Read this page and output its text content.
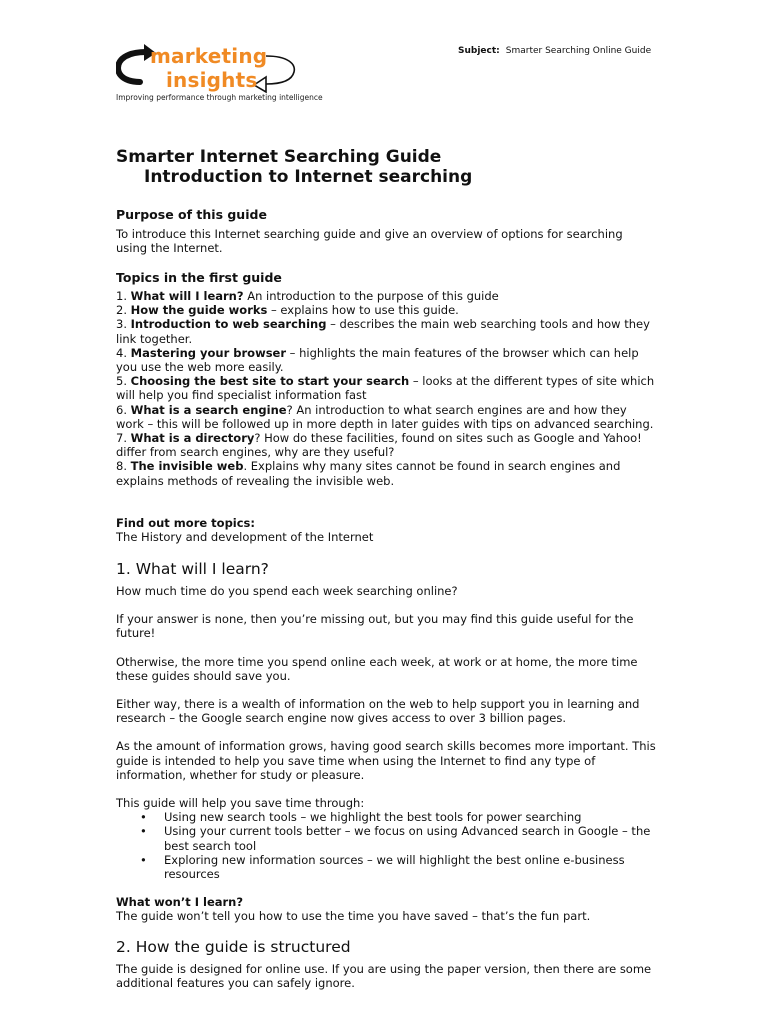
marketing
insights
Improving performance through marketing intelligence
Subject: Smarter Searching Online Guide
Smarter Internet Searching Guide
Introduction to Internet searching
Purpose of this guide

To introduce this Internet searching guide and give an overview of options for searching using the Internet.

Topics in the first guide
1. What will I learn? An introduction to the purpose of this guide
2. How the guide works – explains how to use this guide.
3. Introduction to web searching – describes the main web searching tools and how they link together.
4. Mastering your browser – highlights the main features of the browser which can help you use the web more easily.
5. Choosing the best site to start your search – looks at the different types of site which will help you find specialist information fast
6. What is a search engine? An introduction to what search engines are and how they work – this will be followed up in more depth in later guides with tips on advanced searching.
7. What is a directory? How do these facilities, found on sites such as Google and Yahoo! differ from search engines, why are they useful?
8. The invisible web. Explains why many sites cannot be found in search engines and explains methods of revealing the invisible web.

Find out more topics:

The History and development of the Internet

1. What will I learn?

How much time do you spend each week searching online?

If your answer is none, then you’re missing out, but you may find this guide useful for the future!

Otherwise, the more time you spend online each week, at work or at home, the more time these guides should save you.

Either way, there is a wealth of information on the web to help support you in learning and research – the Google search engine now gives access to over 3 billion pages.

As the amount of information grows, having good search skills becomes more important. This guide is intended to help you save time when using the Internet to find any type of information, whether for study or pleasure.

This guide will help you save time through:

• Using new search tools – we highlight the best tools for power searching
• Using your current tools better – we focus on using Advanced search in Google – the best search tool
• Exploring new information sources – we will highlight the best online e-business resources

What won’t I learn?

The guide won’t tell you how to use the time you have saved – that’s the fun part.

2. How the guide is structured

The guide is designed for online use. If you are using the paper version, then there are some additional features you can safely ignore.
